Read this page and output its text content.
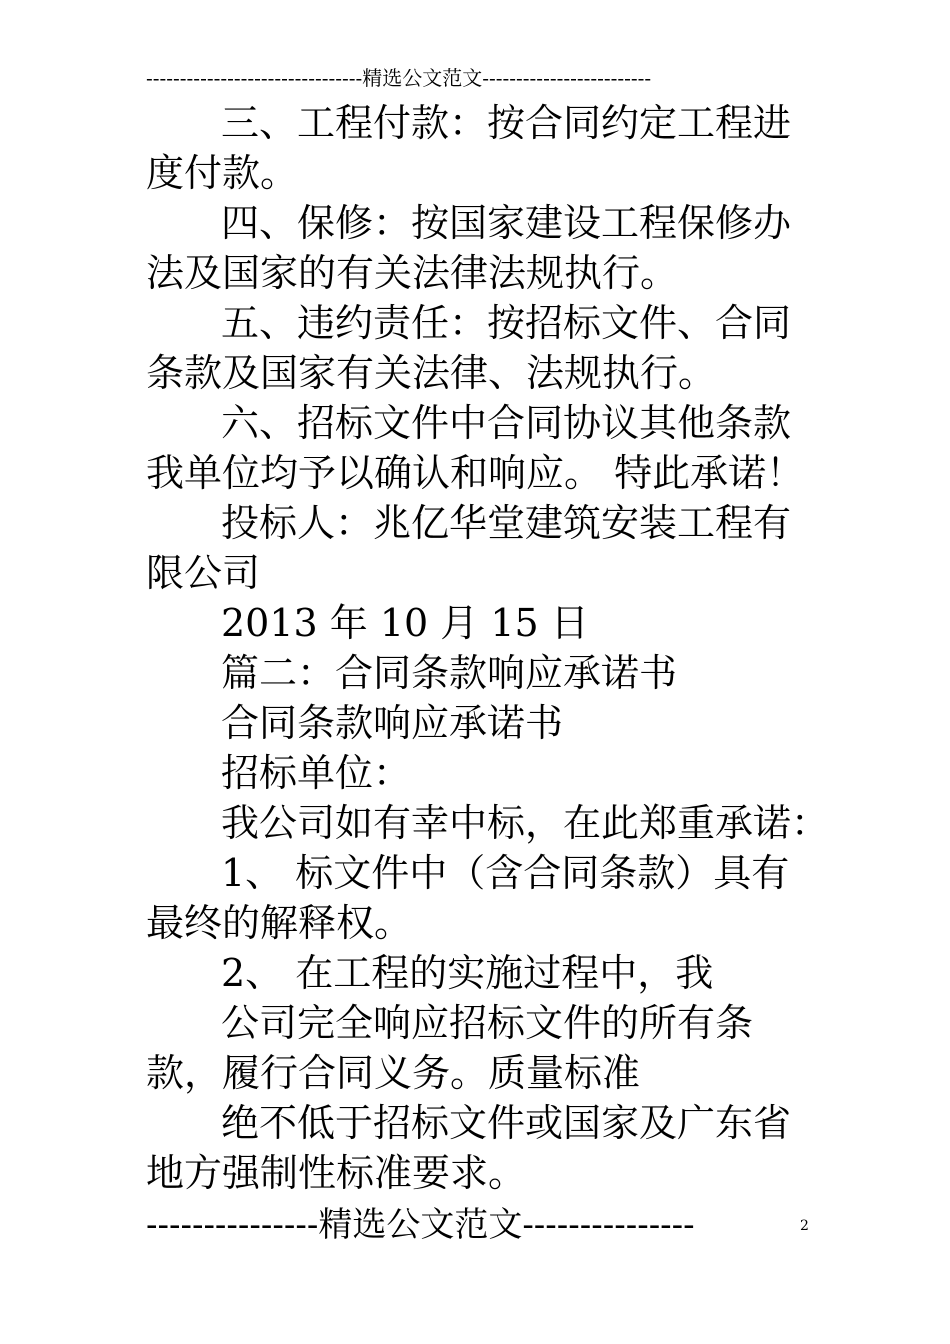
--------------------------------精选公文范文-------------------------
三、工程付款：按合同约定工程进
度付款。
四、保修：按国家建设工程保修办
法及国家的有关法律法规执行。
五、违约责任：按招标文件、合同
条款及国家有关法律、法规执行。
六、招标文件中合同协议其他条款
我单位均予以确认和响应。 特此承诺！
投标人：兆亿华堂建筑安装工程有
限公司
2013 年 10 月 15 日
篇二：合同条款响应承诺书
合同条款响应承诺书
招标单位：
我公司如有幸中标，在此郑重承诺：
1、 标文件中（含合同条款）具有
最终的解释权。
2、 在工程的实施过程中，我
公司完全响应招标文件的所有条
款，履行合同义务。质量标准
绝不低于招标文件或国家及广东省
地方强制性标准要求。
---------------精选公文范文---------------	2
